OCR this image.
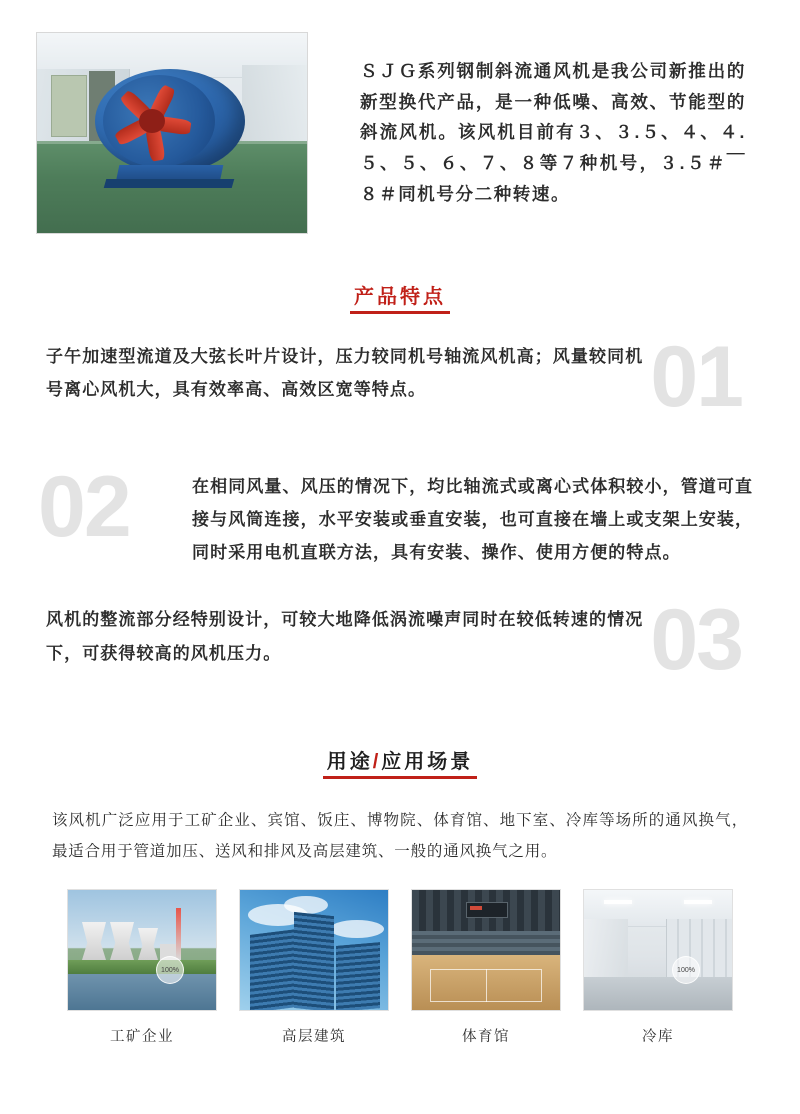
ＳＪＧ系列钢制斜流通风机是我公司新推出的新型换代产品，是一种低噪、高效、节能型的斜流风机。该风机目前有３、３.５、４、４.５、５、６、７、８等７种机号，３.５＃￣８＃同机号分二种转速。
产品特点
01
子午加速型流道及大弦长叶片设计，压力较同机号轴流风机高；风量较同机号离心风机大，具有效率高、高效区宽等特点。
02	在相同风量、风压的情况下，均比轴流式或离心式体积较小，管道可直接与风筒连接，水平安装或垂直安装，也可直接在墙上或支架上安装，同时采用电机直联方法，具有安装、操作、使用方便的特点。
03
风机的整流部分经特别设计，可较大地降低涡流噪声同时在较低转速的情况下，可获得较高的风机压力。
用途/应用场景
该风机广泛应用于工矿企业、宾馆、饭庄、博物院、体育馆、地下室、冷库等场所的通风换气，最适合用于管道加压、送风和排风及高层建筑、一般的通风换气之用。
100%
工矿企业	高层建筑	体育馆
100%
冷库
